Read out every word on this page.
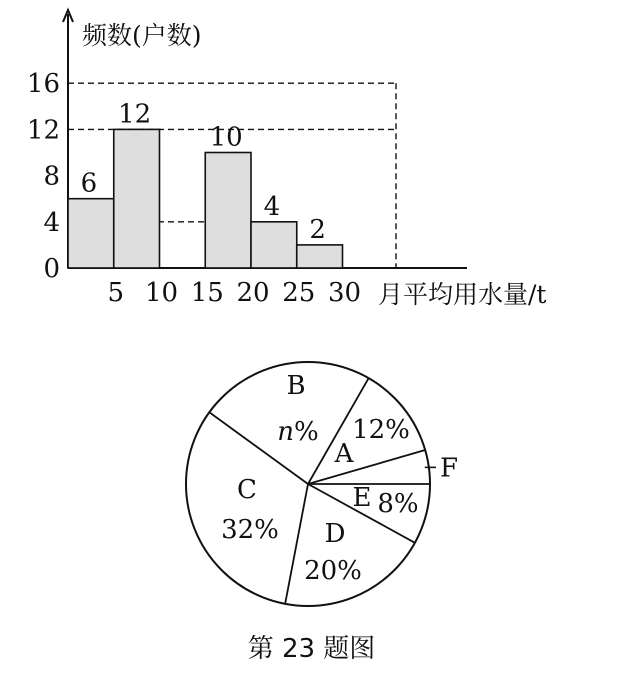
6
12
10
4
2
0
4
8
12
16
5 10 15 20 25 30
频数(户数)
月平均用水量/t
A
12%
E 8%
D
20%
C
32%
B
n%
F
第 23 题图
